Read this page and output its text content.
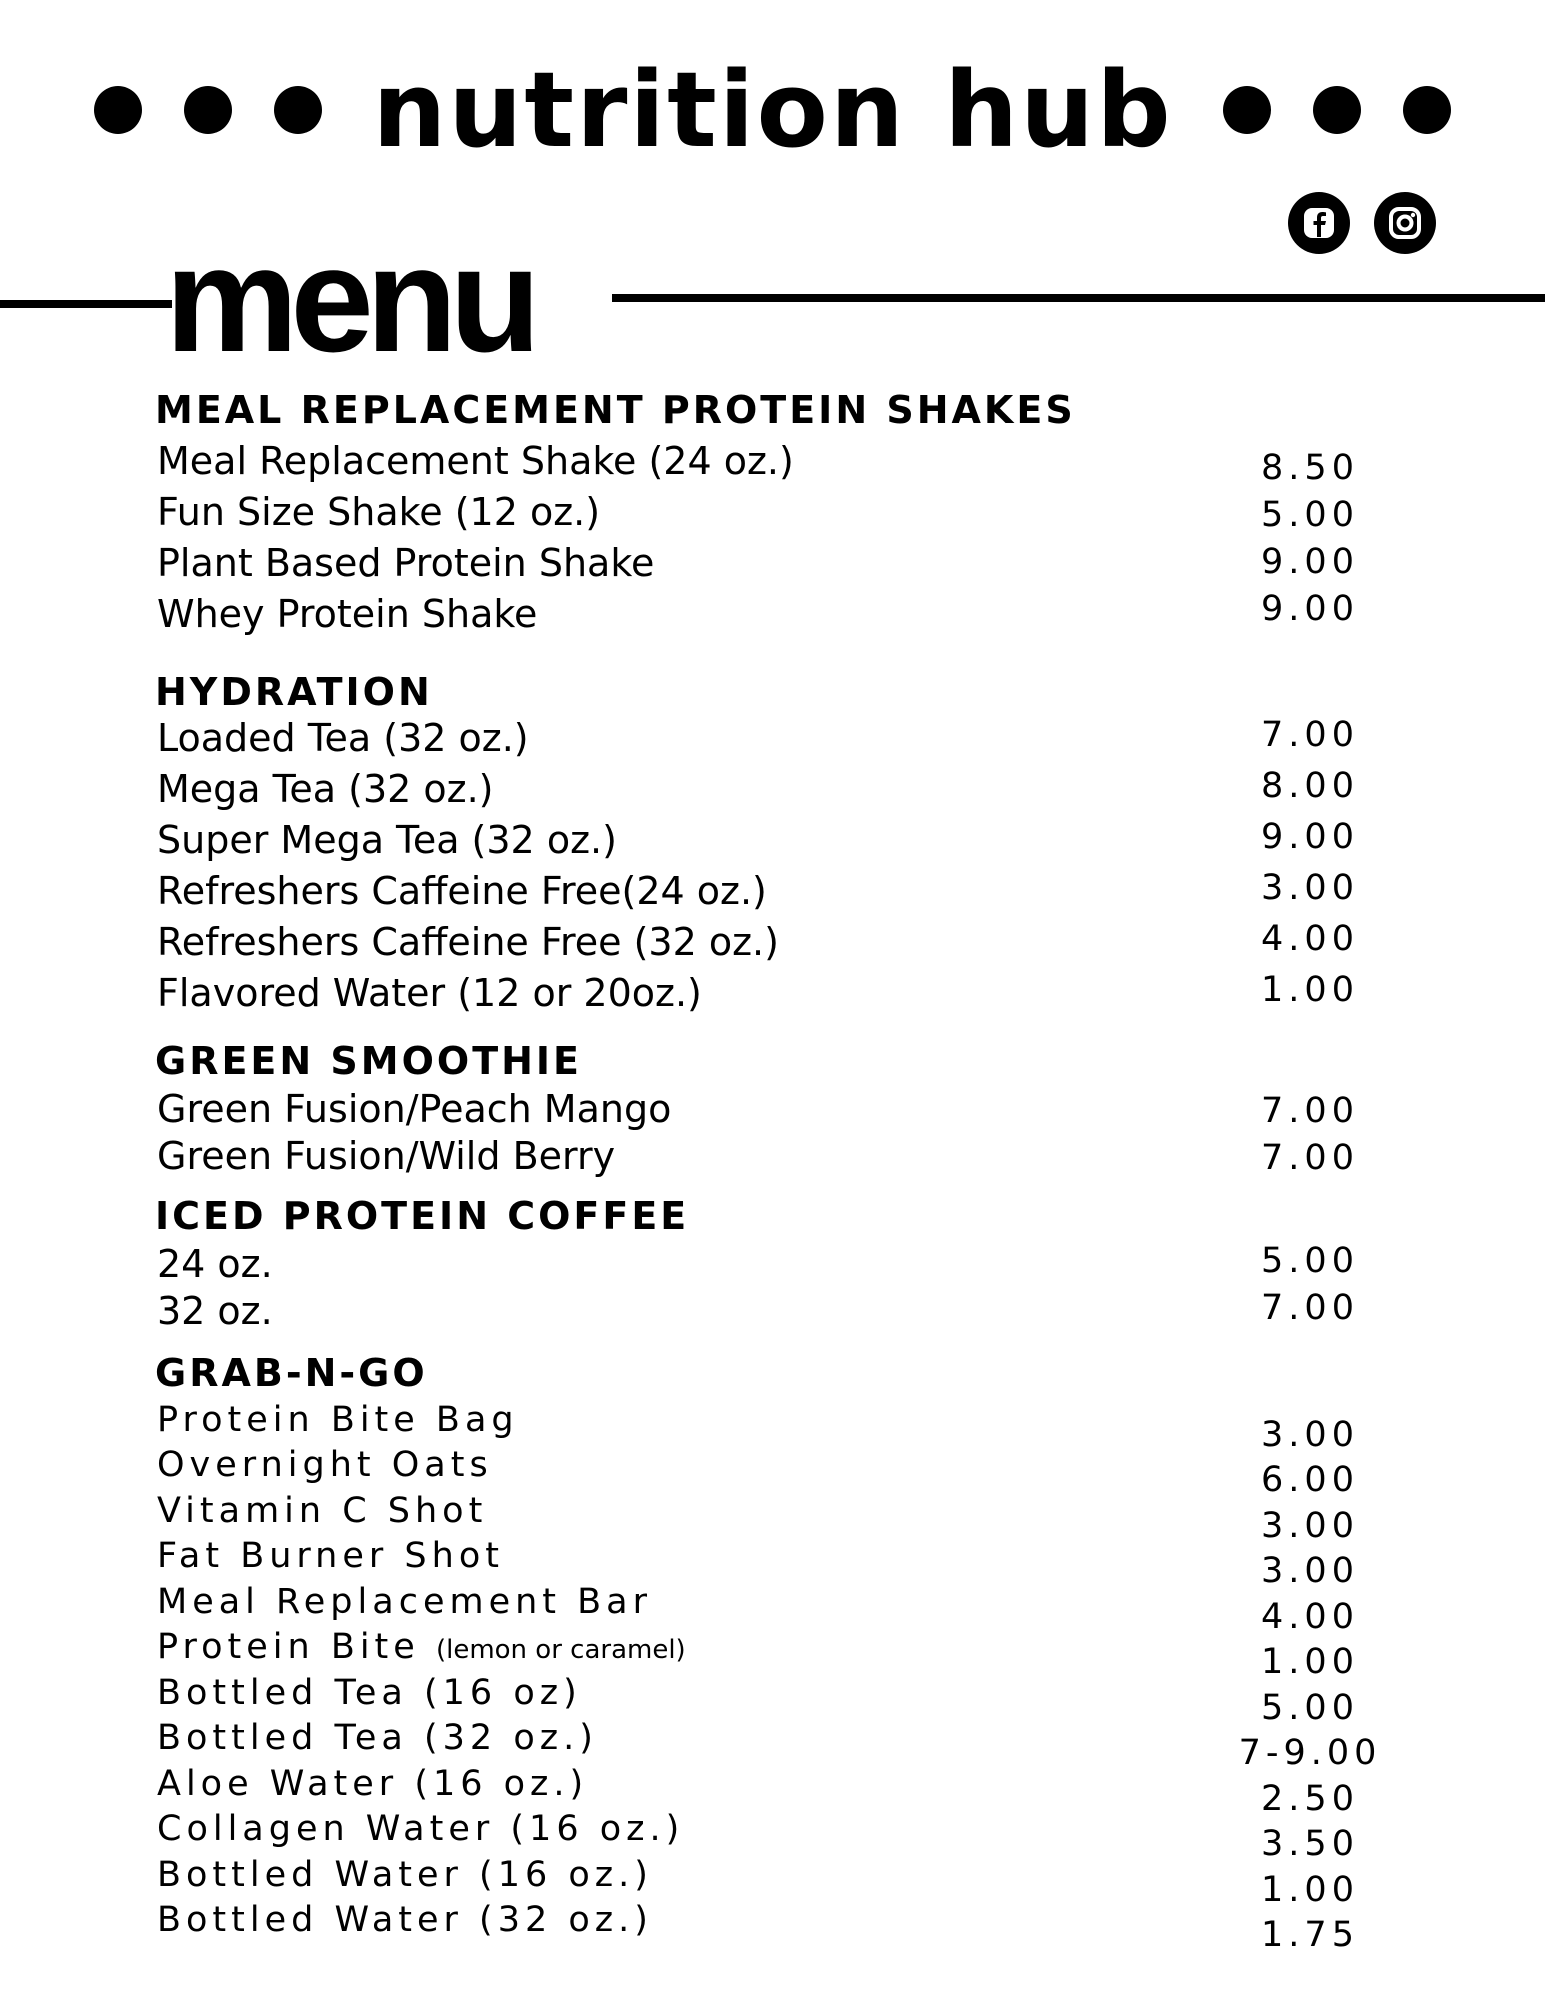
nutrition hub
menu
MEAL REPLACEMENT PROTEIN SHAKES
Meal Replacement Shake (24 oz.)	8.50
Fun Size Shake (12 oz.)	5.00
Plant Based Protein Shake	9.00
Whey Protein Shake	9.00
HYDRATION
Loaded Tea (32 oz.)	7.00
Mega Tea (32 oz.)	8.00
Super Mega Tea (32 oz.)	9.00
Refreshers Caffeine Free(24 oz.)	3.00
Refreshers Caffeine Free (32 oz.)	4.00
Flavored Water (12 or 20oz.)	1.00
GREEN SMOOTHIE
Green Fusion/Peach Mango	7.00
Green Fusion/Wild Berry	7.00
ICED PROTEIN COFFEE
24 oz.	5.00
32 oz.	7.00
GRAB-N-GO
Protein Bite Bag	3.00
Overnight Oats	6.00
Vitamin C Shot	3.00
Fat Burner Shot	3.00
Meal Replacement Bar	4.00
Protein Bite (lemon or caramel)	1.00
Bottled Tea (16 oz)	5.00
Bottled Tea (32 oz.)	7-9.00
Aloe Water (16 oz.)	2.50
Collagen Water (16 oz.)	3.50
Bottled Water (16 oz.)	1.00
Bottled Water (32 oz.)	1.75
